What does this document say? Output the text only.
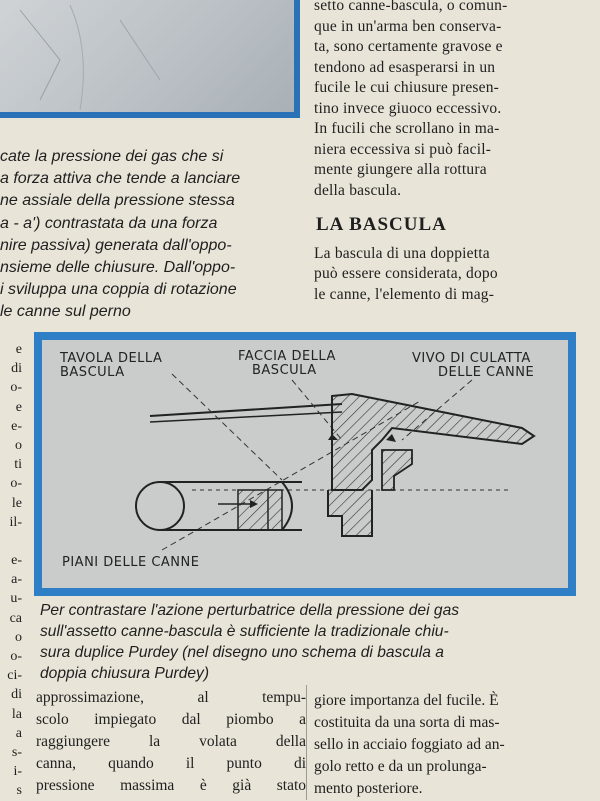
setto canne-bascula, o comun-

que in un'arma ben conserva-

ta, sono certamente gravose e

tendono ad esasperarsi in un

fucile le cui chiusure presen-

tino invece giuoco eccessivo.

In fucili che scrollano in ma-

niera eccessiva si può facil-

mente giungere alla rottura

della bascula.

LA BASCULA

La bascula di una doppietta

può essere considerata, dopo

le canne, l'elemento di mag-

cate la pressione dei gas che si
a forza attiva che tende a lanciare
ne assiale della pressione stessa
a - a') contrastata da una forza
nire passiva) generata dall'oppo-
nsieme delle chiusure. Dall'oppo-
i sviluppa una coppia di rotazione
le canne sul perno
e
di
o-
e
e-
o
ti
o-
le
il-
e-
a-
u-
ca
o
o-
ci-
di
la
a
s-
i-
s
TAVOLA DELLA
BASCULA
FACCIA DELLA
BASCULA
VIVO DI CULATTA
DELLE CANNE
PIANI DELLE CANNE
Per contrastare l'azione perturbatrice della pressione dei gas
sull'assetto canne-bascula è sufficiente la tradizionale chiu-
sura duplice Purdey (nel disegno uno schema di bascula a
doppia chiusura Purdey)
approssimazione, al tempu-
scolo impiegato dal piombo a
raggiungere la volata della
canna, quando il punto di
pressione massima è già stato
giore importanza del fucile. È
costituita da una sorta di mas-
sello in acciaio foggiato ad an-
golo retto e da un prolunga-
mento posteriore.
